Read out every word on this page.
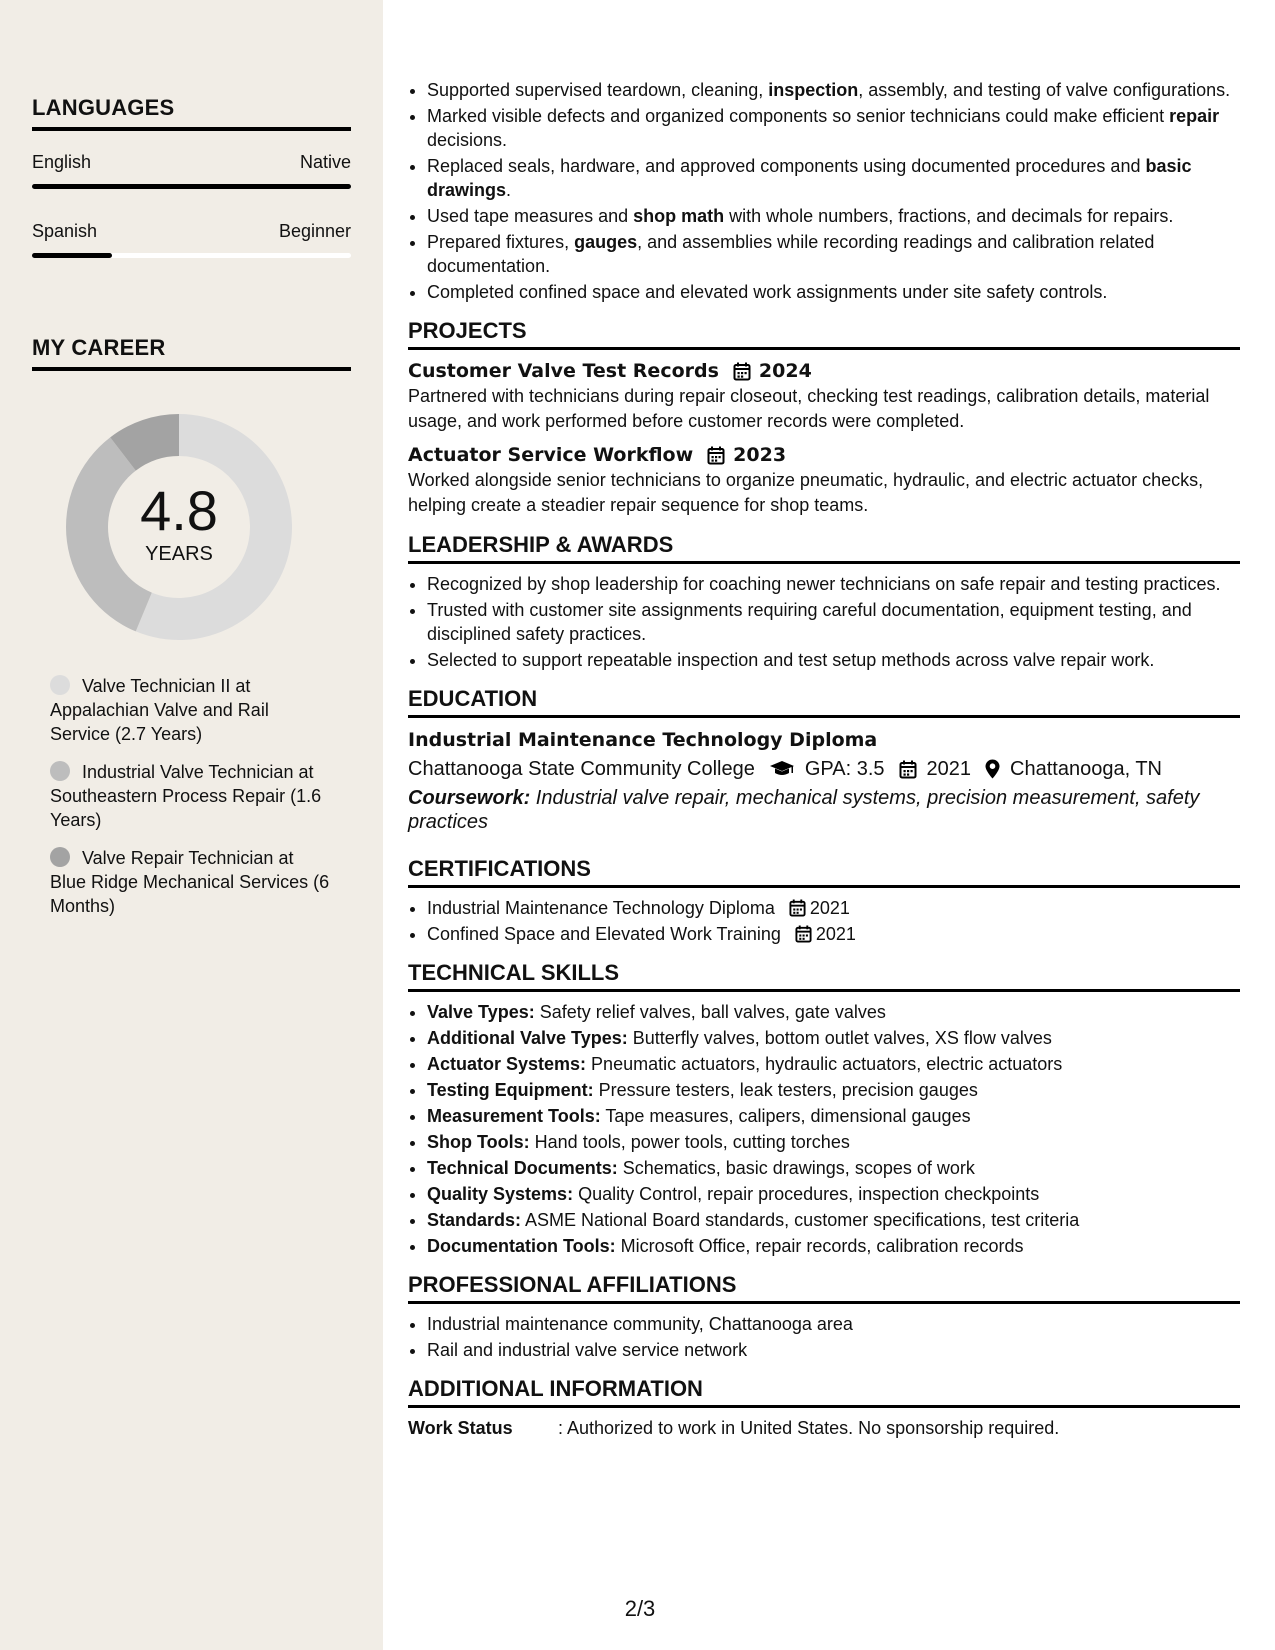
LANGUAGES
English	Native
Spanish	Beginner
MY CAREER
4.8
YEARS
Valve Technician II at Appalachian Valve and Rail Service (2.7 Years)
Industrial Valve Technician at Southeastern Process Repair (1.6 Years)
Valve Repair Technician at Blue Ridge Mechanical Services (6 Months)
• Supported supervised teardown, cleaning, inspection, assembly, and testing of valve configurations.
• Marked visible defects and organized components so senior technicians could make efficient repair decisions.
• Replaced seals, hardware, and approved components using documented procedures and basic drawings.
• Used tape measures and shop math with whole numbers, fractions, and decimals for repairs.
• Prepared fixtures, gauges, and assemblies while recording readings and calibration related documentation.
• Completed confined space and elevated work assignments under site safety controls.
PROJECTS
Customer Valve Test Records 2024
Partnered with technicians during repair closeout, checking test readings, calibration details, material usage, and work performed before customer records were completed.
Actuator Service Workflow 2023
Worked alongside senior technicians to organize pneumatic, hydraulic, and electric actuator checks, helping create a steadier repair sequence for shop teams.
LEADERSHIP & AWARDS
• Recognized by shop leadership for coaching newer technicians on safe repair and testing practices.
• Trusted with customer site assignments requiring careful documentation, equipment testing, and disciplined safety practices.
• Selected to support repeatable inspection and test setup methods across valve repair work.
EDUCATION
Industrial Maintenance Technology Diploma
Chattanooga State Community College	GPA: 3.5 2021 Chattanooga, TN
Coursework: Industrial valve repair, mechanical systems, precision measurement, safety practices
CERTIFICATIONS
• Industrial Maintenance Technology Diploma 2021
• Confined Space and Elevated Work Training 2021
TECHNICAL SKILLS
• Valve Types: Safety relief valves, ball valves, gate valves
• Additional Valve Types: Butterfly valves, bottom outlet valves, XS flow valves
• Actuator Systems: Pneumatic actuators, hydraulic actuators, electric actuators
• Testing Equipment: Pressure testers, leak testers, precision gauges
• Measurement Tools: Tape measures, calipers, dimensional gauges
• Shop Tools: Hand tools, power tools, cutting torches
• Technical Documents: Schematics, basic drawings, scopes of work
• Quality Systems: Quality Control, repair procedures, inspection checkpoints
• Standards: ASME National Board standards, customer specifications, test criteria
• Documentation Tools: Microsoft Office, repair records, calibration records
PROFESSIONAL AFFILIATIONS
• Industrial maintenance community, Chattanooga area
• Rail and industrial valve service network
ADDITIONAL INFORMATION
Work Status	: Authorized to work in United States. No sponsorship required.
2/3
